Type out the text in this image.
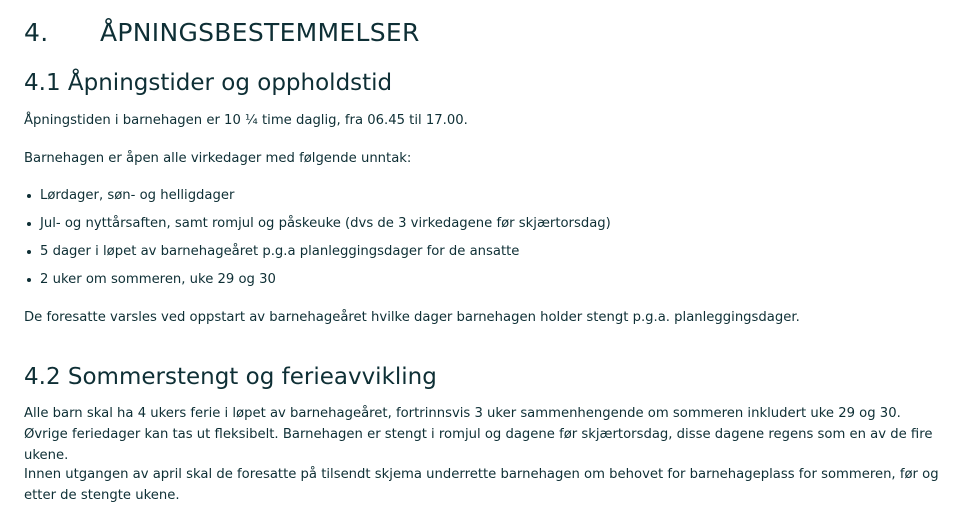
4. ÅPNINGSBESTEMMELSER
4.1 Åpningstider og oppholdstid

Åpningstiden i barnehagen er 10 ¼ time daglig, fra 06.45 til 17.00.

Barnehagen er åpen alle virkedager med følgende unntak:

Lørdager, søn- og helligdager
Jul- og nyttårsaften, samt romjul og påskeuke (dvs de 3 virkedagene før skjærtorsdag)
5 dager i løpet av barnehageåret p.g.a planleggingsdager for de ansatte
2 uker om sommeren, uke 29 og 30

De foresatte varsles ved oppstart av barnehageåret hvilke dager barnehagen holder stengt p.g.a. planleggingsdager.

4.2 Sommerstengt og ferieavvikling

Alle barn skal ha 4 ukers ferie i løpet av barnehageåret, fortrinnsvis 3 uker sammenhengende om sommeren inkludert uke 29 og 30. Øvrige feriedager kan tas ut fleksibelt. Barnehagen er stengt i romjul og dagene før skjærtorsdag, disse dagene regens som en av de fire ukene.

Innen utgangen av april skal de foresatte på tilsendt skjema underrette barnehagen om behovet for barnehageplass for sommeren, før og etter de stengte ukene.
